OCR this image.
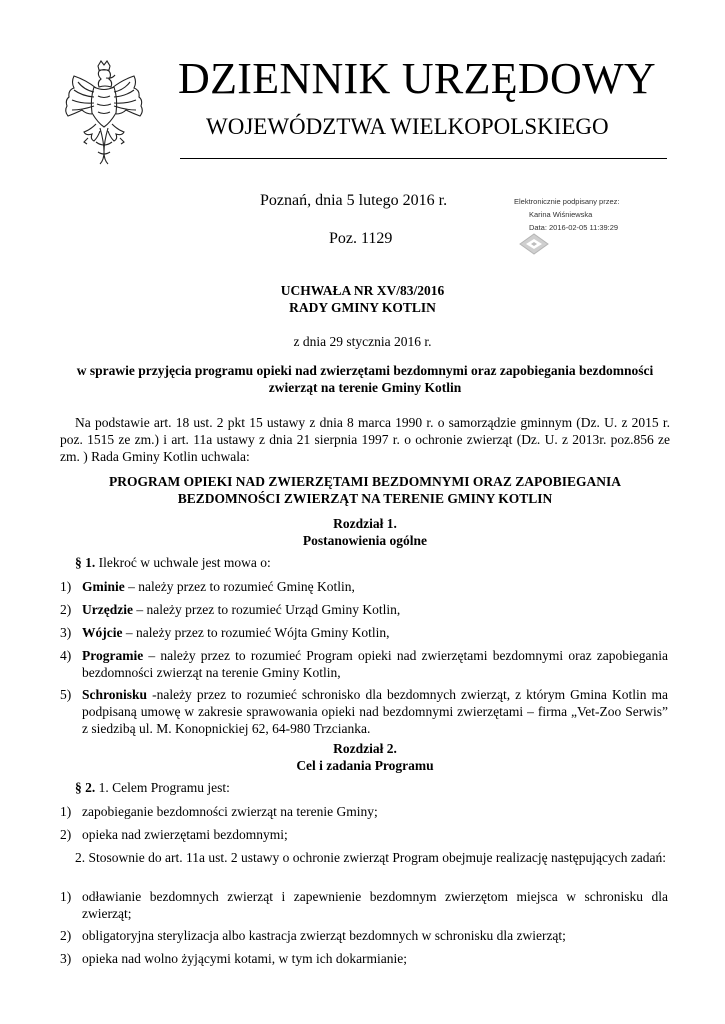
DZIENNIK URZĘDOWY
WOJEWÓDZTWA WIELKOPOLSKIEGO
Poznań, dnia 5 lutego 2016 r.
Poz. 1129
Elektronicznie podpisany przez:
Karina Wiśniewska
Data: 2016-02-05 11:39:29
UCHWAŁA NR XV/83/2016
RADY GMINY KOTLIN
z dnia 29 stycznia 2016 r.
w sprawie przyjęcia programu opieki nad zwierzętami bezdomnymi oraz zapobiegania bezdomności zwierząt na terenie Gminy Kotlin
Na podstawie art. 18 ust. 2 pkt 15 ustawy z dnia 8 marca 1990 r. o samorządzie gminnym (Dz. U. z 2015 r. poz. 1515 ze zm.) i art. 11a ustawy z dnia 21 sierpnia 1997 r. o ochronie zwierząt (Dz. U. z 2013r. poz.856 ze zm. ) Rada Gminy Kotlin uchwala:
PROGRAM OPIEKI NAD ZWIERZĘTAMI BEZDOMNYMI ORAZ ZAPOBIEGANIA BEZDOMNOŚCI ZWIERZĄT NA TERENIE GMINY KOTLIN
Rozdział 1.
Postanowienia ogólne
§ 1. Ilekroć w uchwale jest mowa o:
1) Gminie – należy przez to rozumieć Gminę Kotlin,
2) Urzędzie – należy przez to rozumieć Urząd Gminy Kotlin,
3) Wójcie – należy przez to rozumieć Wójta Gminy Kotlin,
4) Programie – należy przez to rozumieć Program opieki nad zwierzętami bezdomnymi oraz zapobiegania bezdomności zwierząt na terenie Gminy Kotlin,
5) Schronisku -należy przez to rozumieć schronisko dla bezdomnych zwierząt, z którym Gmina Kotlin ma podpisaną umowę w zakresie sprawowania opieki nad bezdomnymi zwierzętami – firma „Vet-Zoo Serwis” z siedzibą ul. M. Konopnickiej 62, 64-980 Trzcianka.
Rozdział 2.
Cel i zadania Programu
§ 2. 1. Celem Programu jest:
1) zapobieganie bezdomności zwierząt na terenie Gminy;
2) opieka nad zwierzętami bezdomnymi;
2. Stosownie do art. 11a ust. 2 ustawy o ochronie zwierząt Program obejmuje realizację następujących zadań:
1) odławianie bezdomnych zwierząt i zapewnienie bezdomnym zwierzętom miejsca w schronisku dla zwierząt;
2) obligatoryjna sterylizacja albo kastracja zwierząt bezdomnych w schronisku dla zwierząt;
3) opieka nad wolno żyjącymi kotami, w tym ich dokarmianie;
